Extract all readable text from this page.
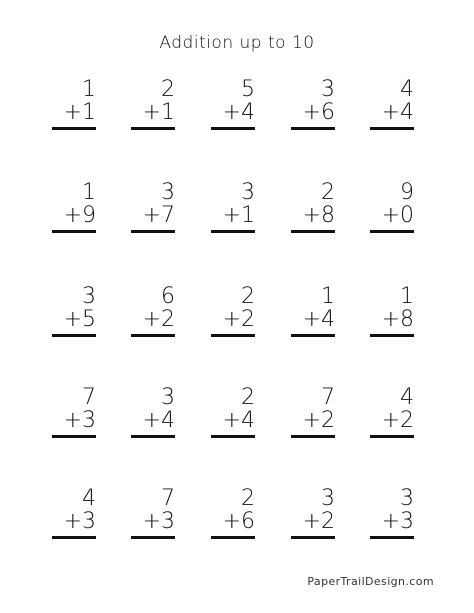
Addition up to 10
1
+1
2
+1
5
+4
3
+6
4
+4
1
+9
3
+7
3
+1
2
+8
9
+0
3
+5
6
+2
2
+2
1
+4
1
+8
7
+3
3
+4
2
+4
7
+2
4
+2
4
+3
7
+3
2
+6
3
+2
3
+3
PaperTrailDesign.com
